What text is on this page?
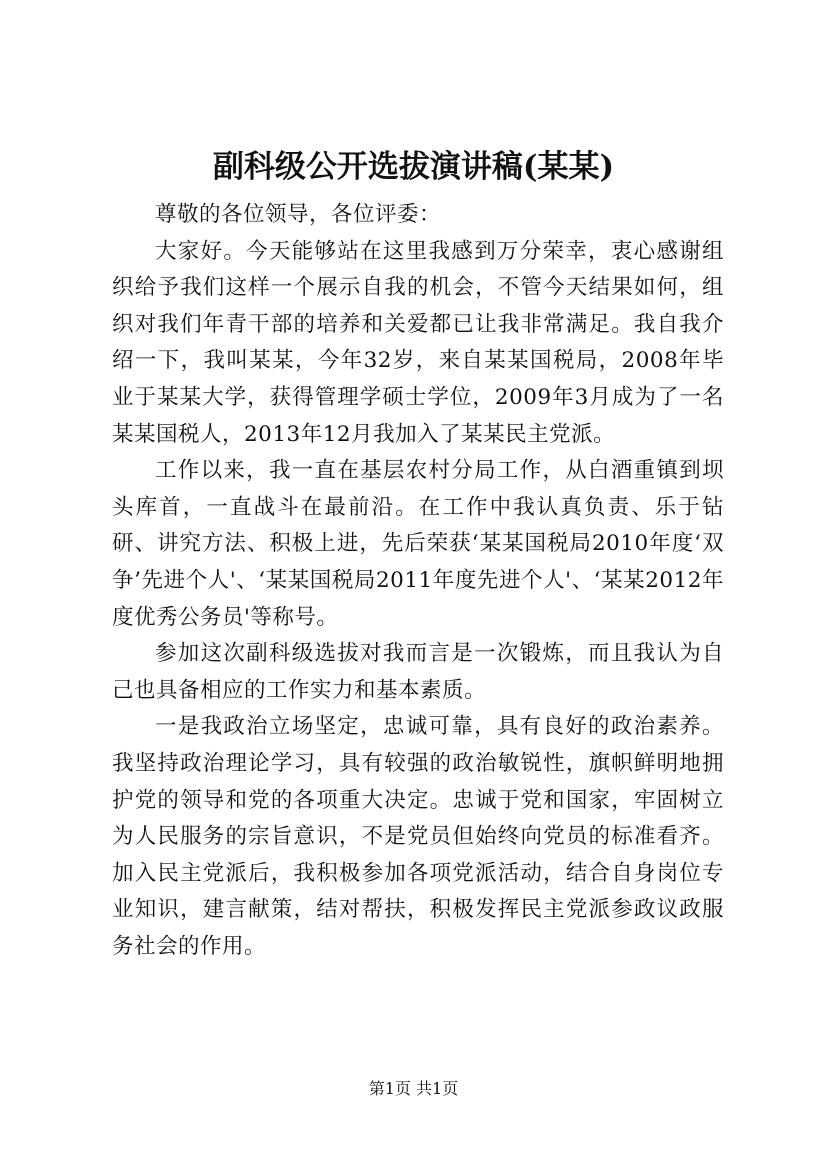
副科级公开选拔演讲稿(某某)

尊敬的各位领导，各位评委：

大家好。今天能够站在这里我感到万分荣幸，衷心感谢组织给予我们这样一个展示自我的机会，不管今天结果如何，组织对我们年青干部的培养和关爱都已让我非常满足。我自我介绍一下，我叫某某，今年32岁，来自某某国税局，2008年毕业于某某大学，获得管理学硕士学位，2009年3月成为了一名某某国税人，2013年12月我加入了某某民主党派。

工作以来，我一直在基层农村分局工作，从白酒重镇到坝头库首，一直战斗在最前沿。在工作中我认真负责、乐于钻研、讲究方法、积极上进，先后荣获‘某某国税局2010年度‘双争’先进个人'、‘某某国税局2011年度先进个人'、‘某某2012年度优秀公务员'等称号。

参加这次副科级选拔对我而言是一次锻炼，而且我认为自己也具备相应的工作实力和基本素质。

一是我政治立场坚定，忠诚可靠，具有良好的政治素养。我坚持政治理论学习，具有较强的政治敏锐性，旗帜鲜明地拥护党的领导和党的各项重大决定。忠诚于党和国家，牢固树立为人民服务的宗旨意识，不是党员但始终向党员的标准看齐。加入民主党派后，我积极参加各项党派活动，结合自身岗位专业知识，建言献策，结对帮扶，积极发挥民主党派参政议政服务社会的作用。

第1页 共1页
